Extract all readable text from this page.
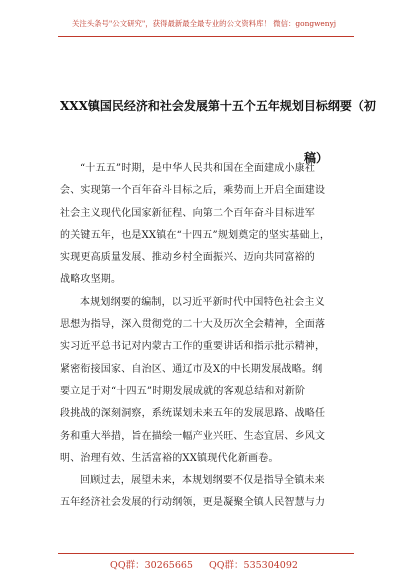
关注头条号"公文研究"，获得最新最全最专业的公文资料库！ 微信：gongwenyj
XXX镇国民经济和社会发展第十五个五年规划目标纲要（初
稿）

“十五五”时期，是中华人民共和国在全面建成小康社
会、实现第一个百年奋斗目标之后，乘势而上开启全面建设
社会主义现代化国家新征程、向第二个百年奋斗目标进军
的关键五年，也是XX镇在“十四五”规划奠定的坚实基础上，
实现更高质量发展、推动乡村全面振兴、迈向共同富裕的
战略攻坚期。

本规划纲要的编制，以习近平新时代中国特色社会主义
思想为指导，深入贯彻党的二十大及历次全会精神，全面落
实习近平总书记对内蒙古工作的重要讲话和指示批示精神，
紧密衔接国家、自治区、通辽市及X的中长期发展战略。纲
要立足于对“十四五”时期发展成就的客观总结和对新阶
段挑战的深刻洞察，系统谋划未来五年的发展思路、战略任
务和重大举措，旨在描绘一幅产业兴旺、生态宜居、乡风文
明、治理有效、生活富裕的XX镇现代化新画卷。

回顾过去，展望未来，本规划纲要不仅是指导全镇未来
五年经济社会发展的行动纲领，更是凝聚全镇人民智慧与力

QQ群：30265665 QQ群：535304092
